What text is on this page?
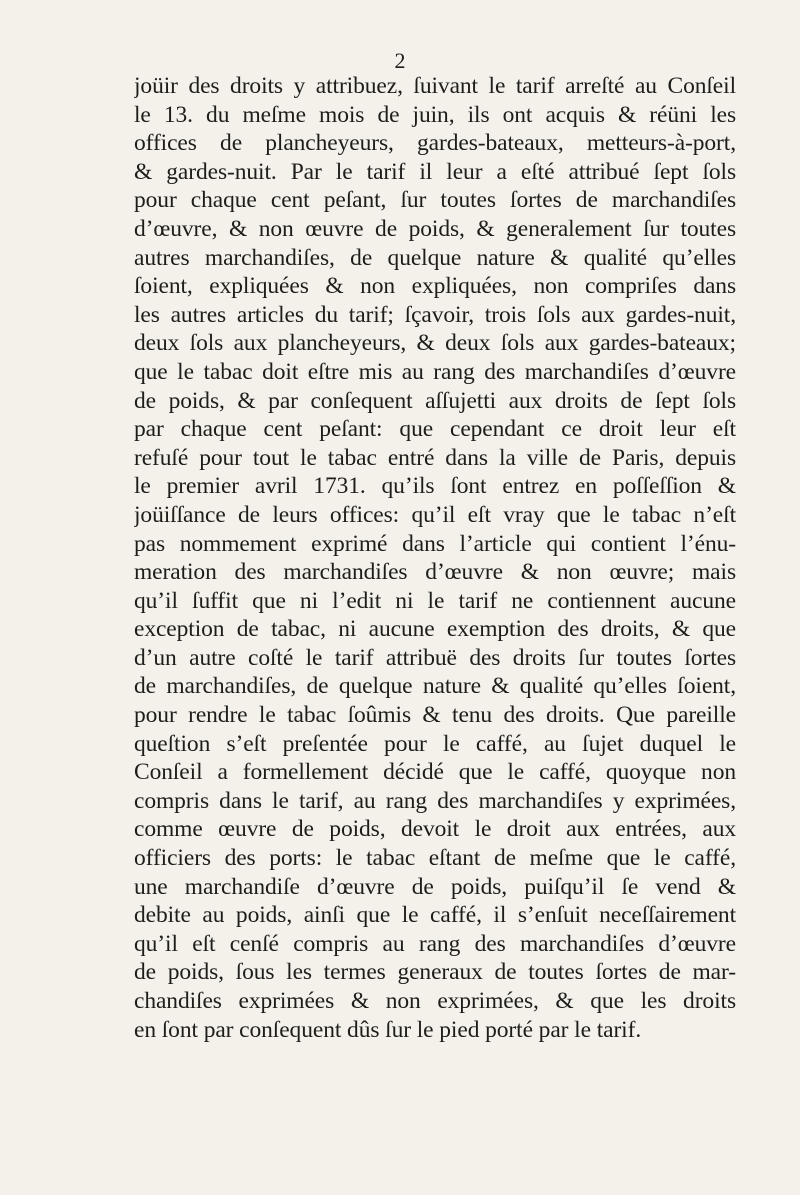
2
joüir des droits y attribuez, ſuivant le tarif arreſté au Conſeil
le 13. du meſme mois de juin, ils ont acquis & réüni les
offices de plancheyeurs, gardes-bateaux, metteurs-à-port,
& gardes-nuit. Par le tarif il leur a eſté attribué ſept ſols
pour chaque cent peſant, ſur toutes ſortes de marchandiſes
d’œuvre, & non œuvre de poids, & generalement ſur toutes
autres marchandiſes, de quelque nature & qualité qu’elles
ſoient, expliquées & non expliquées, non compriſes dans
les autres articles du tarif; ſçavoir, trois ſols aux gardes-nuit,
deux ſols aux plancheyeurs, & deux ſols aux gardes-bateaux;
que le tabac doit eſtre mis au rang des marchandiſes d’œuvre
de poids, & par conſequent aſſujetti aux droits de ſept ſols
par chaque cent peſant: que cependant ce droit leur eſt
refuſé pour tout le tabac entré dans la ville de Paris, depuis
le premier avril 1731. qu’ils ſont entrez en poſſeſſion &
joüiſſance de leurs offices: qu’il eſt vray que le tabac n’eſt
pas nommement exprimé dans l’article qui contient l’énu-
meration des marchandiſes d’œuvre & non œuvre; mais
qu’il ſuffit que ni l’edit ni le tarif ne contiennent aucune
exception de tabac, ni aucune exemption des droits, & que
d’un autre coſté le tarif attribuë des droits ſur toutes ſortes
de marchandiſes, de quelque nature & qualité qu’elles ſoient,
pour rendre le tabac ſoûmis & tenu des droits. Que pareille
queſtion s’eſt preſentée pour le caffé, au ſujet duquel le
Conſeil a formellement décidé que le caffé, quoyque non
compris dans le tarif, au rang des marchandiſes y exprimées,
comme œuvre de poids, devoit le droit aux entrées, aux
officiers des ports: le tabac eſtant de meſme que le caffé,
une marchandiſe d’œuvre de poids, puiſqu’il ſe vend &
debite au poids, ainſi que le caffé, il s’enſuit neceſſairement
qu’il eſt cenſé compris au rang des marchandiſes d’œuvre
de poids, ſous les termes generaux de toutes ſortes de mar-
chandiſes exprimées & non exprimées, & que les droits
en ſont par conſequent dûs ſur le pied porté par le tarif.
